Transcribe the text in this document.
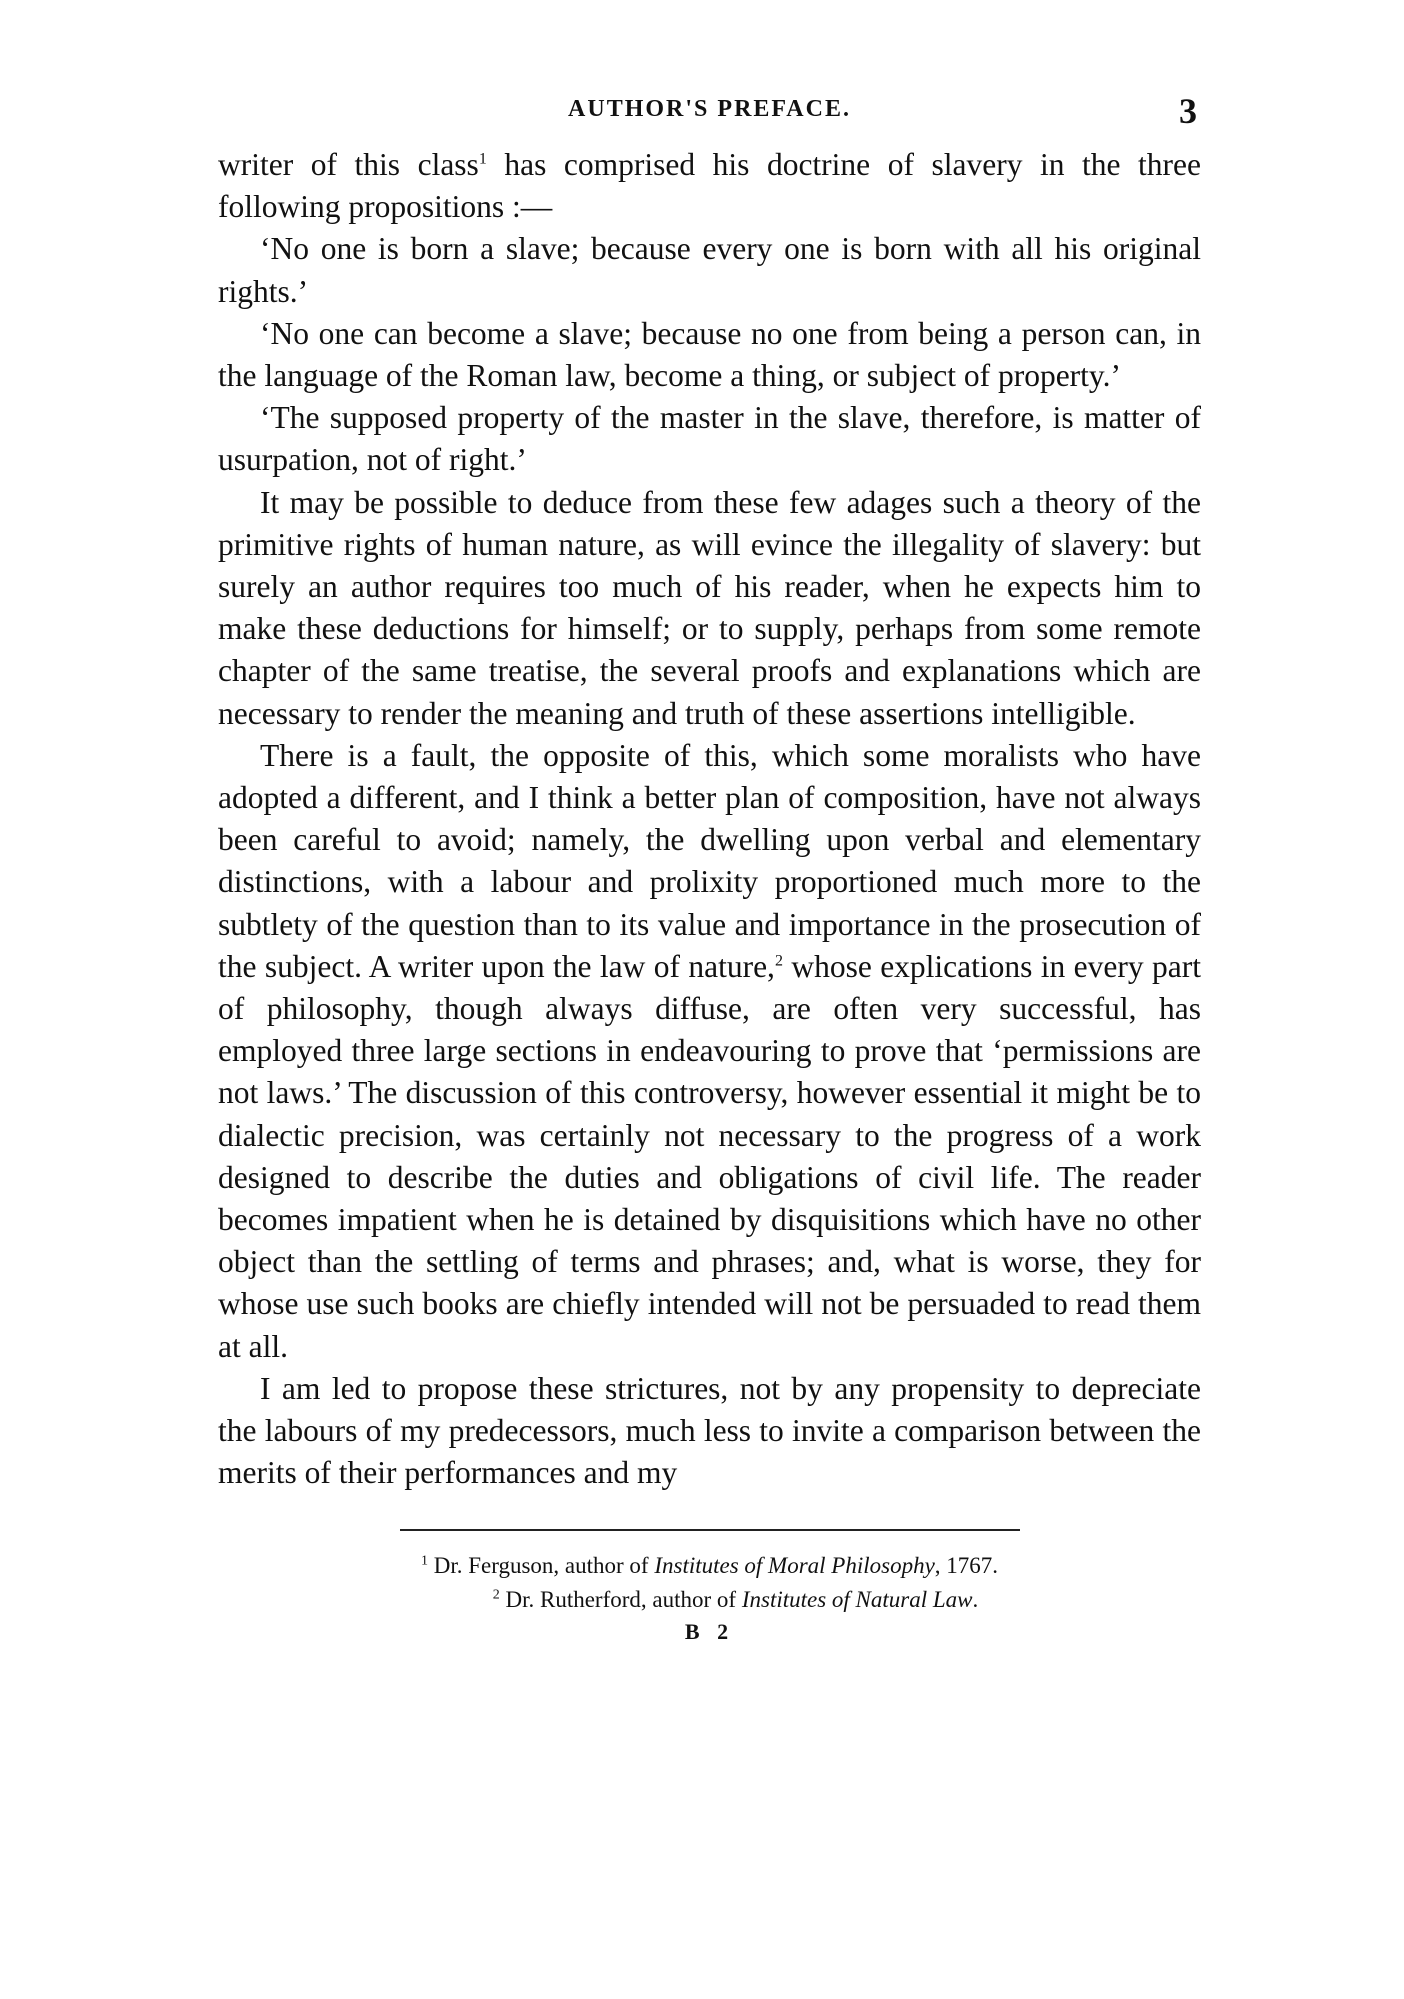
AUTHOR'S PREFACE.	3

writer of this class$^1$ has comprised his doctrine of slavery in the three following propositions :—

‘No one is born a slave; because every one is born with all his original rights.’

‘No one can become a slave; because no one from being a person can, in the language of the Roman law, become a thing, or subject of property.’

‘The supposed property of the master in the slave, therefore, is matter of usurpation, not of right.’

It may be possible to deduce from these few adages such a theory of the primitive rights of human nature, as will evince the illegality of slavery: but surely an author requires too much of his reader, when he expects him to make these deductions for himself; or to supply, perhaps from some remote chapter of the same treatise, the several proofs and explanations which are necessary to render the meaning and truth of these assertions intelligible.

There is a fault, the opposite of this, which some moralists who have adopted a different, and I think a better plan of composition, have not always been careful to avoid; namely, the dwelling upon verbal and elementary distinctions, with a labour and prolixity proportioned much more to the subtlety of the question than to its value and importance in the prosecution of the subject. A writer upon the law of nature,$^2$ whose explications in every part of philosophy, though always diffuse, are often very successful, has employed three large sections in endeavouring to prove that ‘permissions are not laws.’ The discussion of this controversy, however essential it might be to dialectic precision, was certainly not necessary to the progress of a work designed to describe the duties and obligations of civil life. The reader becomes impatient when he is detained by disquisitions which have no other object than the settling of terms and phrases; and, what is worse, they for whose use such books are chiefly intended will not be persuaded to read them at all.

I am led to propose these strictures, not by any propensity to depreciate the labours of my predecessors, much less to invite a comparison between the merits of their performances and my

$^1$ Dr. Ferguson, author of Institutes of Moral Philosophy, 1767.

$^2$ Dr. Rutherford, author of Institutes of Natural Law.

B 2
